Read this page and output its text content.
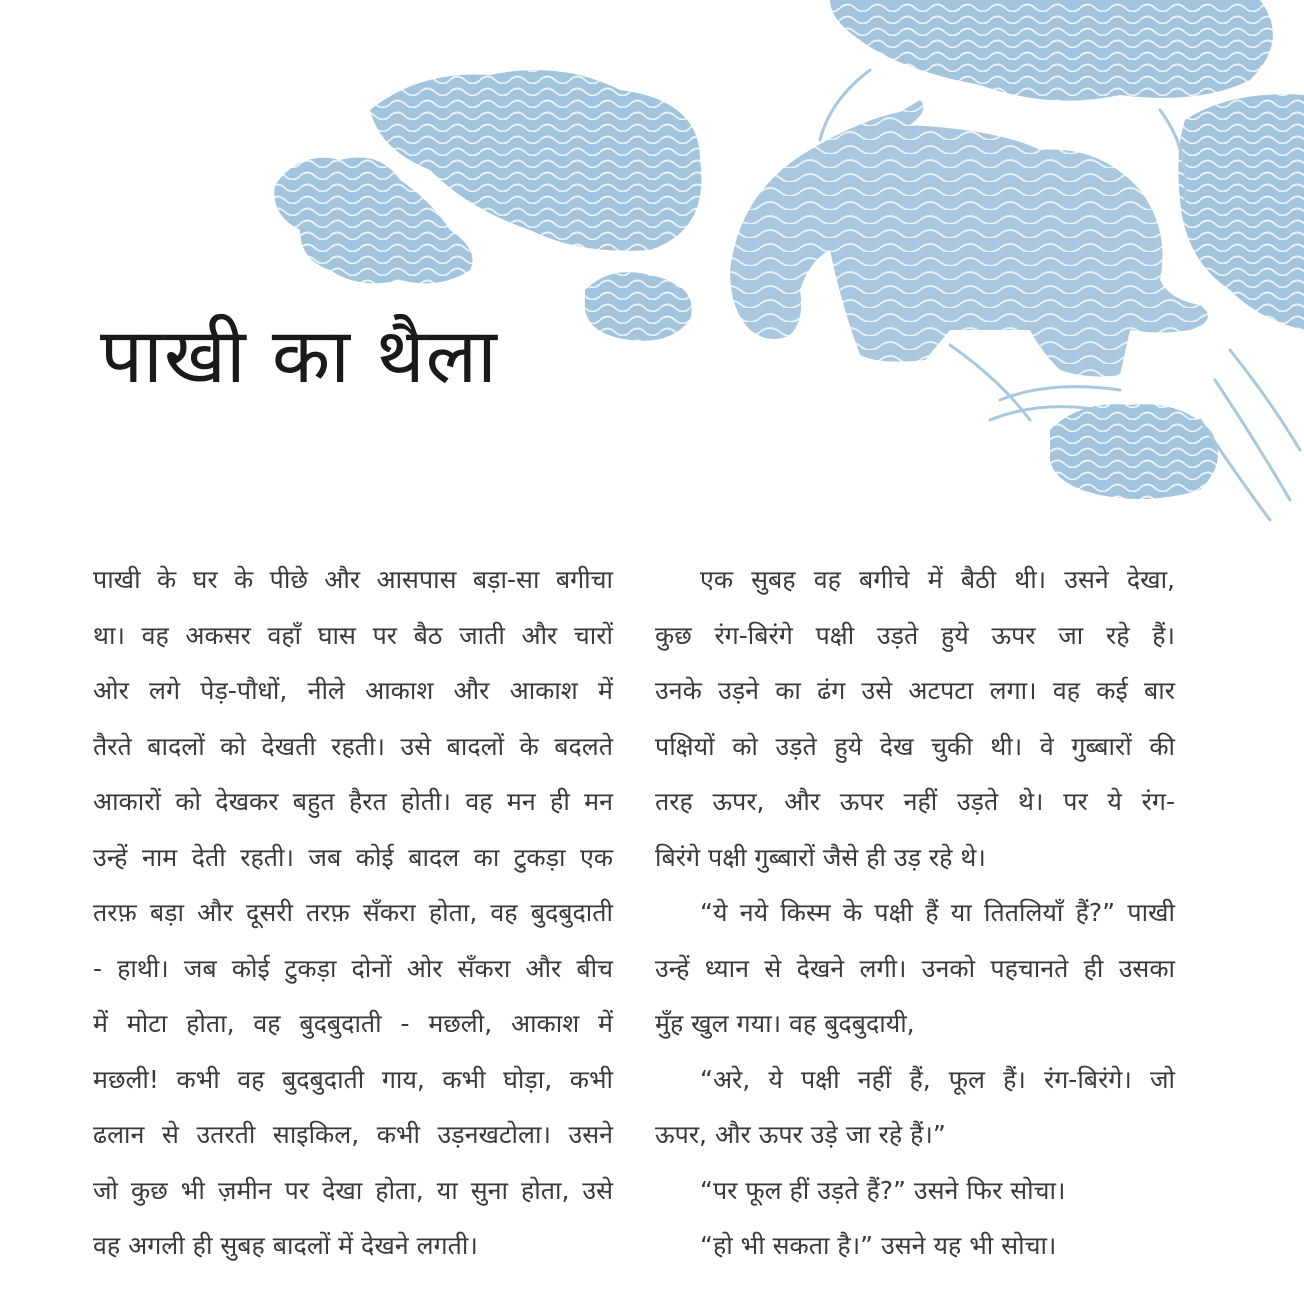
पाखी का थैला
पाखी के घर के पीछे और आसपास बड़ा-सा बगीचा
था। वह अकसर वहाँ घास पर बैठ जाती और चारों
ओर लगे पेड़-पौधों, नीले आकाश और आकाश में
तैरते बादलों को देखती रहती। उसे बादलों के बदलते
आकारों को देखकर बहुत हैरत होती। वह मन ही मन
उन्हें नाम देती रहती। जब कोई बादल का टुकड़ा एक
तरफ़ बड़ा और दूसरी तरफ़ सँकरा होता, वह बुदबुदाती
- हाथी। जब कोई टुकड़ा दोनों ओर सँकरा और बीच
में मोटा होता, वह बुदबुदाती - मछली, आकाश में
मछली! कभी वह बुदबुदाती गाय, कभी घोड़ा, कभी
ढलान से उतरती साइकिल, कभी उड़नखटोला। उसने
जो कुछ भी ज़मीन पर देखा होता, या सुना होता, उसे
वह अगली ही सुबह बादलों में देखने लगती।
एक सुबह वह बगीचे में बैठी थी। उसने देखा,
कुछ रंग-बिरंगे पक्षी उड़ते हुये ऊपर जा रहे हैं।
उनके उड़ने का ढंग उसे अटपटा लगा। वह कई बार
पक्षियों को उड़ते हुये देख चुकी थी। वे गुब्बारों की
तरह ऊपर, और ऊपर नहीं उड़ते थे। पर ये रंग-
बिरंगे पक्षी गुब्बारों जैसे ही उड़ रहे थे।
“ये नये किस्म के पक्षी हैं या तितलियाँ हैं?” पाखी
उन्हें ध्यान से देखने लगी। उनको पहचानते ही उसका
मुँह खुल गया। वह बुदबुदायी,
“अरे, ये पक्षी नहीं हैं, फूल हैं। रंग-बिरंगे। जो
ऊपर, और ऊपर उड़े जा रहे हैं।”
“पर फूल हीं उड़ते हैं?” उसने फिर सोचा।
“हो भी सकता है।” उसने यह भी सोचा।
